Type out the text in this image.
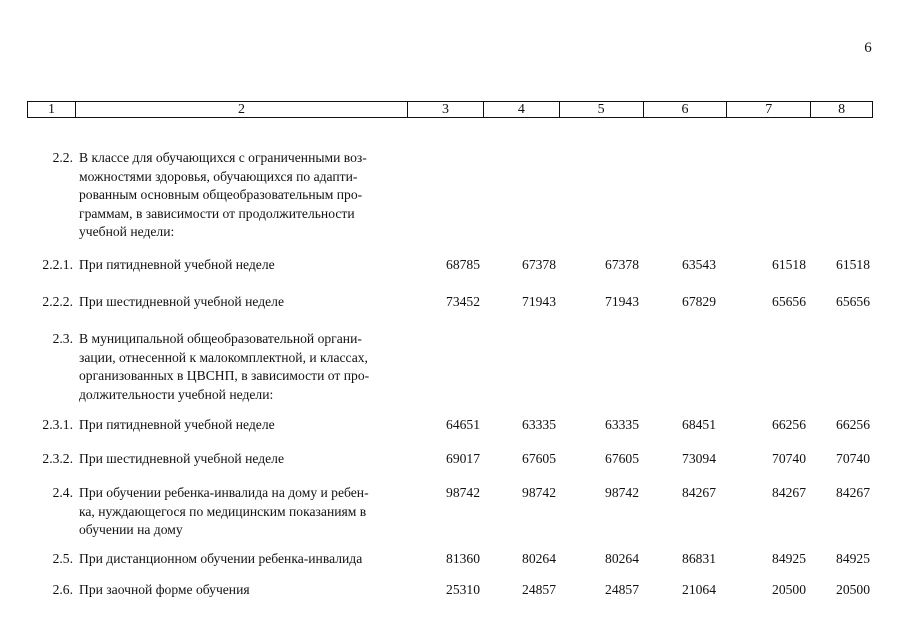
6
1	2	3	4	5	6	7	8
2.2. В классе для обучающихся с ограниченными воз-
можностями здоровья, обучающихся по адапти-
рованным основным общеобразовательным про-
граммам, в зависимости от продолжительности
учебной недели:
2.2.1. При пятидневной учебной неделе	68785	67378	67378	63543	61518	61518
2.2.2. При шестидневной учебной неделе	73452	71943	71943	67829	65656	65656
2.3. В муниципальной общеобразовательной органи-
зации, отнесенной к малокомплектной, и классах,
организованных в ЦВСНП, в зависимости от про-
должительности учебной недели:
2.3.1. При пятидневной учебной неделе	64651	63335	63335	68451	66256	66256
2.3.2. При шестидневной учебной неделе	69017	67605	67605	73094	70740	70740
2.4. При обучении ребенка-инвалида на дому и ребен-
ка, нуждающегося по медицинским показаниям в
обучении на дому
98742	98742	98742	84267	84267	84267
2.5. При дистанционном обучении ребенка-инвалида	81360	80264	80264	86831	84925	84925
2.6. При заочной форме обучения	25310	24857	24857	21064	20500	20500
